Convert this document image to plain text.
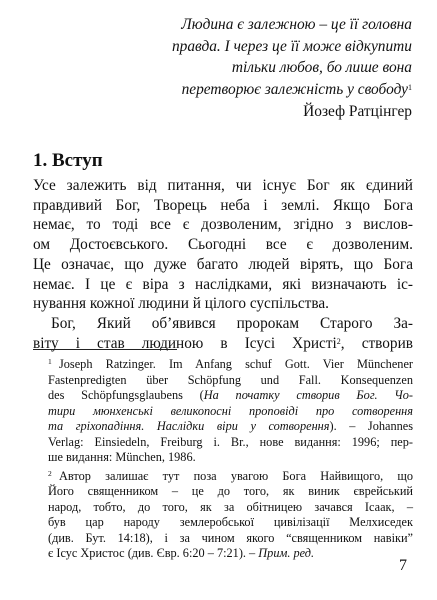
Людина є залежною – це її головна
правда. І через це її може відкупити
тільки любов, бо лише вона
перетворює залежність у свободу$^1$
Йозеф Ратцінгер
1. Вступ
Усе залежить від питання, чи існує Бог як єдиний
правдивий Бог, Творець неба і землі. Якщо Бога
немає, то тоді все є дозволеним, згідно з вислов-
ом Достоєвського. Сьогодні все є дозволеним.
Це означає, що дуже багато людей вірять, що Бога
немає. І це є віра з наслідками, які визначають іс-
нування кожної людини й цілого суспільства.
Бог, Який об’явився пророкам Старого За-
віту і став людиною в Ісусі Христі$^2$, створив
1 Joseph Ratzinger. Im Anfang schuf Gott. Vier Münchener
Fastenpredigten über Schöpfung und Fall. Konsequenzen
des Schöpfungsglaubens (На початку створив Бог. Чо-
тири мюнхенські великопосні проповіді про сотворення
та гріхопадіння. Наслідки віри у сотворення). – Johannes
Verlag: Einsiedeln, Freiburg i. Br., нове видання: 1996; пер-
ше видання: München, 1986.
2 Автор залишає тут поза увагою Бога Найвищого, що
Його священником – це до того, як виник єврейський
народ, тобто, до того, як за обітницею зачався Ісаак, –
був цар народу землеробської цивілізації Мелхиседек
(див. Бут. 14:18), і за чином якого “священником навіки”
є Ісус Христос (див. Євр. 6:20 – 7:21). – Прим. ред.
7
